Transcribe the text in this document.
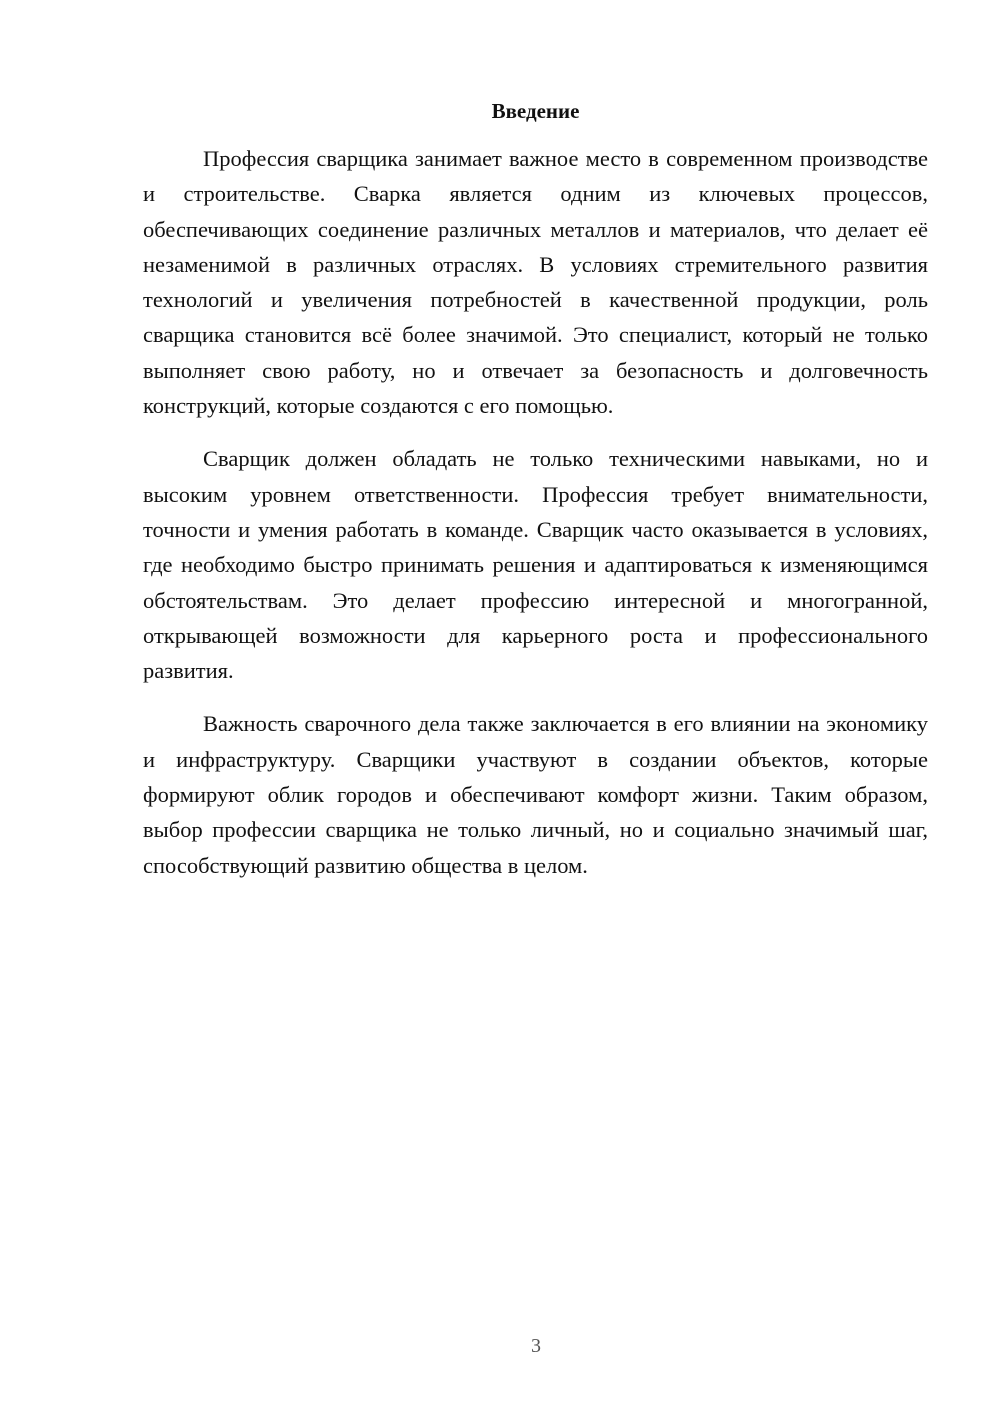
Введение

Профессия сварщика занимает важное место в современном производстве и строительстве. Сварка является одним из ключевых процессов, обеспечивающих соединение различных металлов и материалов, что делает её незаменимой в различных отраслях. В условиях стремительного развития технологий и увеличения потребностей в качественной продукции, роль сварщика становится всё более значимой. Это специалист, который не только выполняет свою работу, но и отвечает за безопасность и долговечность конструкций, которые создаются с его помощью.

Сварщик должен обладать не только техническими навыками, но и высоким уровнем ответственности. Профессия требует внимательности, точности и умения работать в команде. Сварщик часто оказывается в условиях, где необходимо быстро принимать решения и адаптироваться к изменяющимся обстоятельствам. Это делает профессию интересной и многогранной, открывающей возможности для карьерного роста и профессионального развития.

Важность сварочного дела также заключается в его влиянии на экономику и инфраструктуру. Сварщики участвуют в создании объектов, которые формируют облик городов и обеспечивают комфорт жизни. Таким образом, выбор профессии сварщика не только личный, но и социально значимый шаг, способствующий развитию общества в целом.

3
